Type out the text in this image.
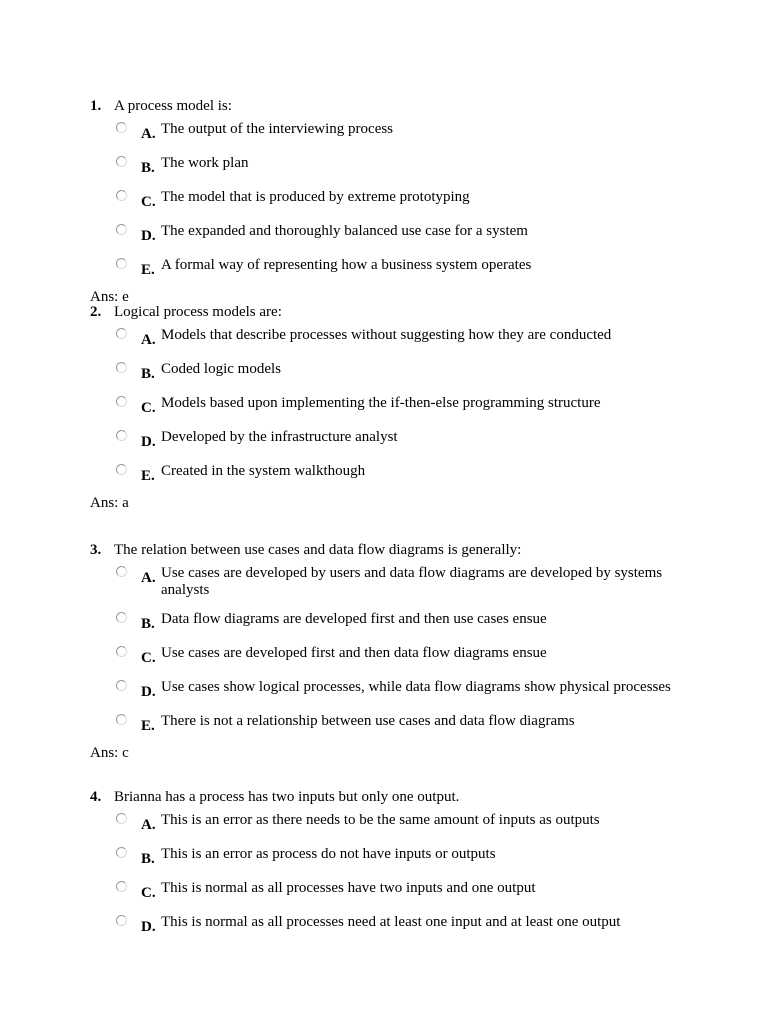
1. A process model is:
A. The output of the interviewing process
B. The work plan
C. The model that is produced by extreme prototyping
D. The expanded and thoroughly balanced use case for a system
E. A formal way of representing how a business system operates
Ans: e
2. Logical process models are:
A. Models that describe processes without suggesting how they are conducted
B. Coded logic models
C. Models based upon implementing the if-then-else programming structure
D. Developed by the infrastructure analyst
E. Created in the system walkthough
Ans: a
3. The relation between use cases and data flow diagrams is generally:
A. Use cases are developed by users and data flow diagrams are developed by systems analysts
B. Data flow diagrams are developed first and then use cases ensue
C. Use cases are developed first and then data flow diagrams ensue
D. Use cases show logical processes, while data flow diagrams show physical processes
E. There is not a relationship between use cases and data flow diagrams
Ans: c
4. Brianna has a process has two inputs but only one output.
A. This is an error as there needs to be the same amount of inputs as outputs
B. This is an error as process do not have inputs or outputs
C. This is normal as all processes have two inputs and one output
D. This is normal as all processes need at least one input and at least one output
